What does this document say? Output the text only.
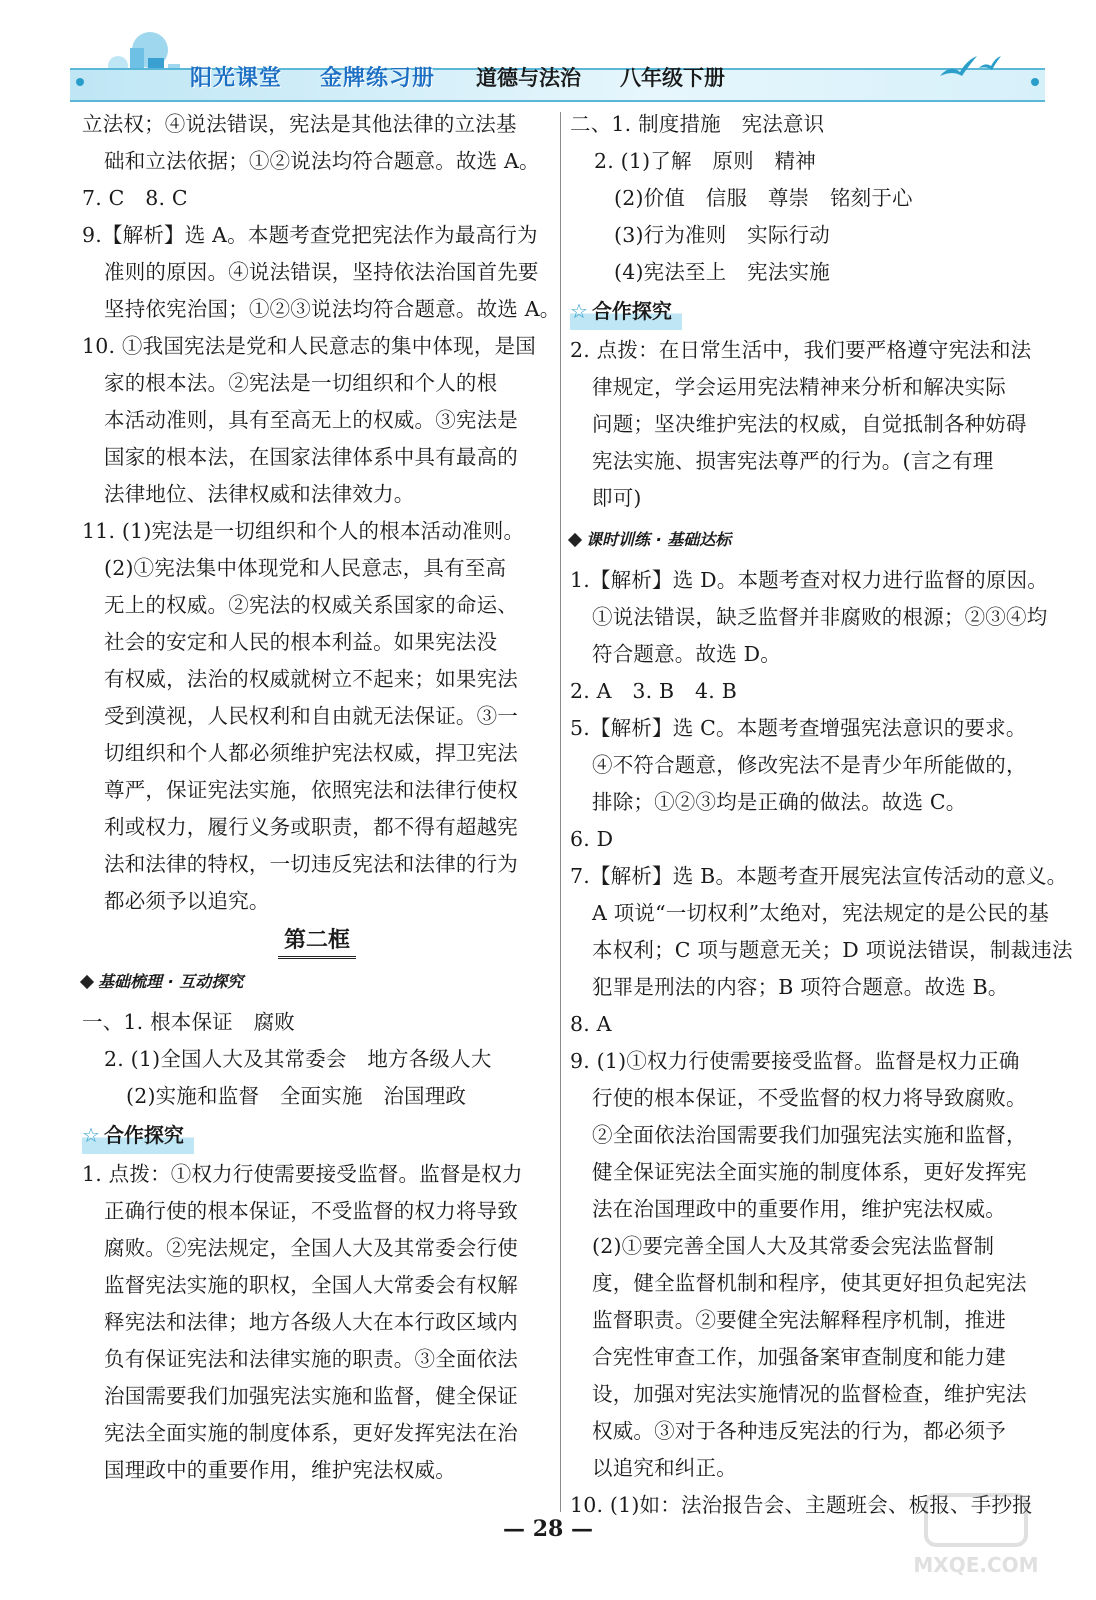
阳光课堂 金牌练习册 道德与法治 八年级下册

立法权；④说法错误，宪法是其他法律的立法基

础和立法依据；①②说法均符合题意。故选 A。

7. C　8. C

9.【解析】选 A。本题考查党把宪法作为最高行为

准则的原因。④说法错误，坚持依法治国首先要

坚持依宪治国；①②③说法均符合题意。故选 A。

10. ①我国宪法是党和人民意志的集中体现，是国

家的根本法。②宪法是一切组织和个人的根

本活动准则，具有至高无上的权威。③宪法是

国家的根本法，在国家法律体系中具有最高的

法律地位、法律权威和法律效力。

11. (1)宪法是一切组织和个人的根本活动准则。

(2)①宪法集中体现党和人民意志，具有至高

无上的权威。②宪法的权威关系国家的命运、

社会的安定和人民的根本利益。如果宪法没

有权威，法治的权威就树立不起来；如果宪法

受到漠视，人民权利和自由就无法保证。③一

切组织和个人都必须维护宪法权威，捍卫宪法

尊严，保证宪法实施，依照宪法和法律行使权

利或权力，履行义务或职责，都不得有超越宪

法和法律的特权，一切违反宪法和法律的行为

都必须予以追究。

第二框
基础梳理 · 互动探究

一、1. 根本保证　腐败

2. (1)全国人大及其常委会　地方各级人大

(2)实施和监督　全面实施　治国理政

☆ 合作探究

1. 点拨：①权力行使需要接受监督。监督是权力

正确行使的根本保证，不受监督的权力将导致

腐败。②宪法规定，全国人大及其常委会行使

监督宪法实施的职权，全国人大常委会有权解

释宪法和法律；地方各级人大在本行政区域内

负有保证宪法和法律实施的职责。③全面依法

治国需要我们加强宪法实施和监督，健全保证

宪法全面实施的制度体系，更好发挥宪法在治

国理政中的重要作用，维护宪法权威。

二、1. 制度措施　宪法意识

2. (1)了解　原则　精神

(2)价值　信服　尊崇　铭刻于心

(3)行为准则　实际行动

(4)宪法至上　宪法实施

☆ 合作探究

2. 点拨：在日常生活中，我们要严格遵守宪法和法

律规定，学会运用宪法精神来分析和解决实际

问题；坚决维护宪法的权威，自觉抵制各种妨碍

宪法实施、损害宪法尊严的行为。(言之有理

即可)

课时训练 · 基础达标

1.【解析】选 D。本题考查对权力进行监督的原因。

①说法错误，缺乏监督并非腐败的根源；②③④均

符合题意。故选 D。

2. A　3. B　4. B

5.【解析】选 C。本题考查增强宪法意识的要求。

④不符合题意，修改宪法不是青少年所能做的，

排除；①②③均是正确的做法。故选 C。

6. D

7.【解析】选 B。本题考查开展宪法宣传活动的意义。

A 项说“一切权利”太绝对，宪法规定的是公民的基

本权利；C 项与题意无关；D 项说法错误，制裁违法

犯罪是刑法的内容；B 项符合题意。故选 B。

8. A

9. (1)①权力行使需要接受监督。监督是权力正确

行使的根本保证，不受监督的权力将导致腐败。

②全面依法治国需要我们加强宪法实施和监督，

健全保证宪法全面实施的制度体系，更好发挥宪

法在治国理政中的重要作用，维护宪法权威。

(2)①要完善全国人大及其常委会宪法监督制

度，健全监督机制和程序，使其更好担负起宪法

监督职责。②要健全宪法解释程序机制，推进

合宪性审查工作，加强备案审查制度和能力建

设，加强对宪法实施情况的监督检查，维护宪法

权威。③对于各种违反宪法的行为，都必须予

以追究和纠正。

10. (1)如：法治报告会、主题班会、板报、手抄报

— 28 —
MXQE.COM
